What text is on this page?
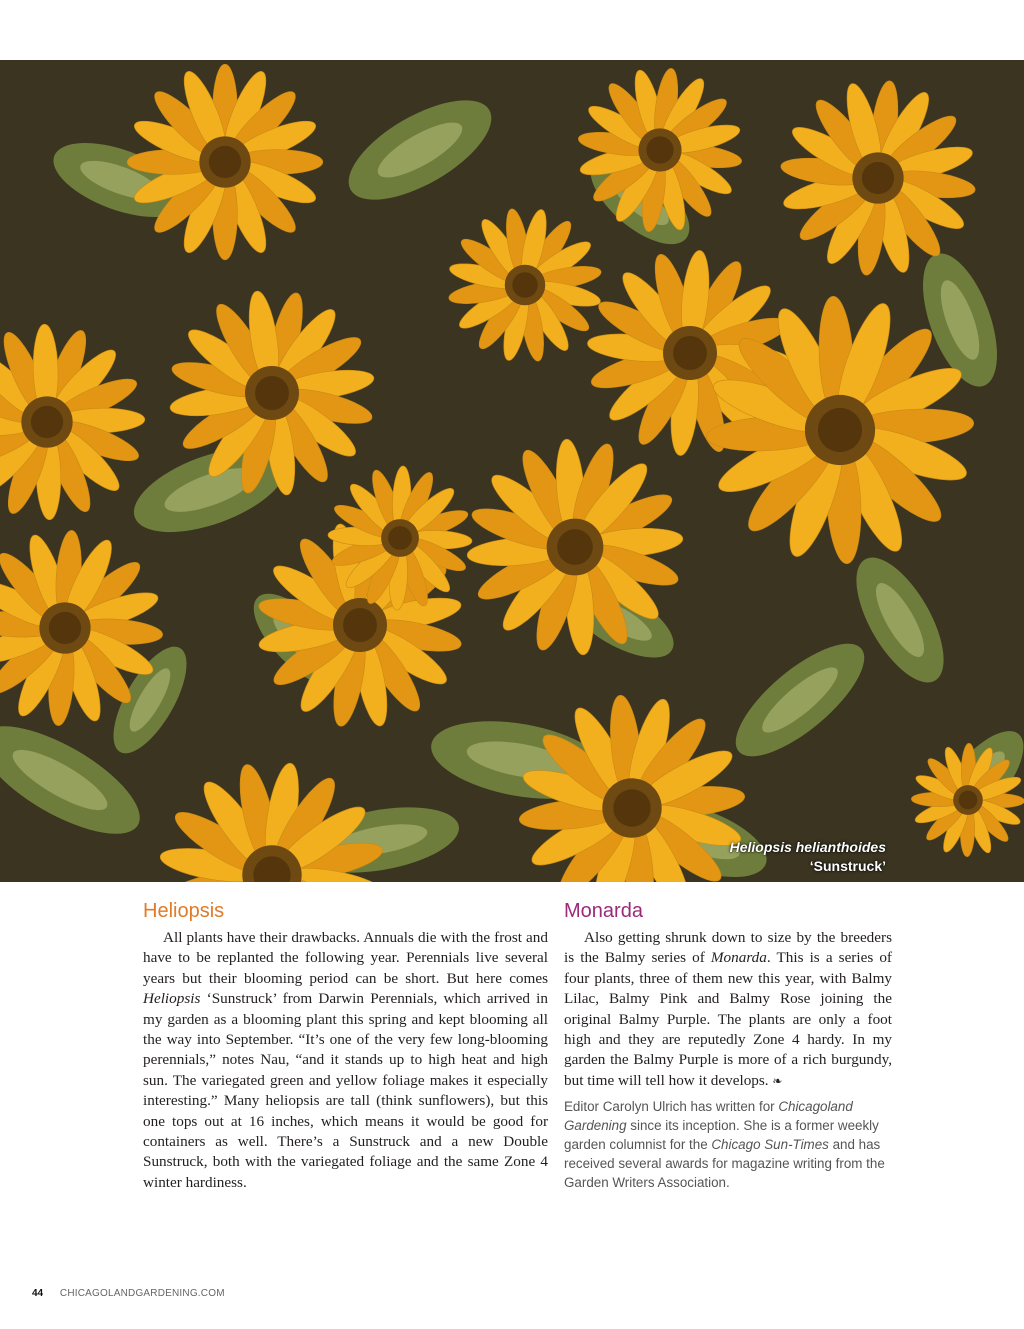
Heliopsis helianthoides
‘Sunstruck’
Heliopsis

All plants have their drawbacks. Annuals die with the frost and have to be replanted the following year. Perennials live several years but their blooming period can be short. But here comes Heliopsis ‘Sunstruck’ from Darwin Perennials, which arrived in my garden as a blooming plant this spring and kept blooming all the way into September. “It’s one of the very few long-blooming perennials,” notes Nau, “and it stands up to high heat and high sun. The variegated green and yellow foliage makes it especially interesting.” Many heliopsis are tall (think sunflowers), but this one tops out at 16 inches, which means it would be good for containers as well. There’s a Sunstruck and a new Double Sunstruck, both with the variegated foliage and the same Zone 4 winter hardiness.

Monarda

Also getting shrunk down to size by the breeders is the Balmy series of Monarda. This is a series of four plants, three of them new this year, with Balmy Lilac, Balmy Pink and Balmy Rose joining the original Balmy Purple. The plants are only a foot high and they are reputedly Zone 4 hardy. In my garden the Balmy Purple is more of a rich burgundy, but time will tell how it develops. ❧

Editor Carolyn Ulrich has written for Chicagoland Gardening since its inception. She is a former weekly garden columnist for the Chicago Sun-Times and has received several awards for magazine writing from the Garden Writers Association.

44 CHICAGOLANDGARDENING.COM
